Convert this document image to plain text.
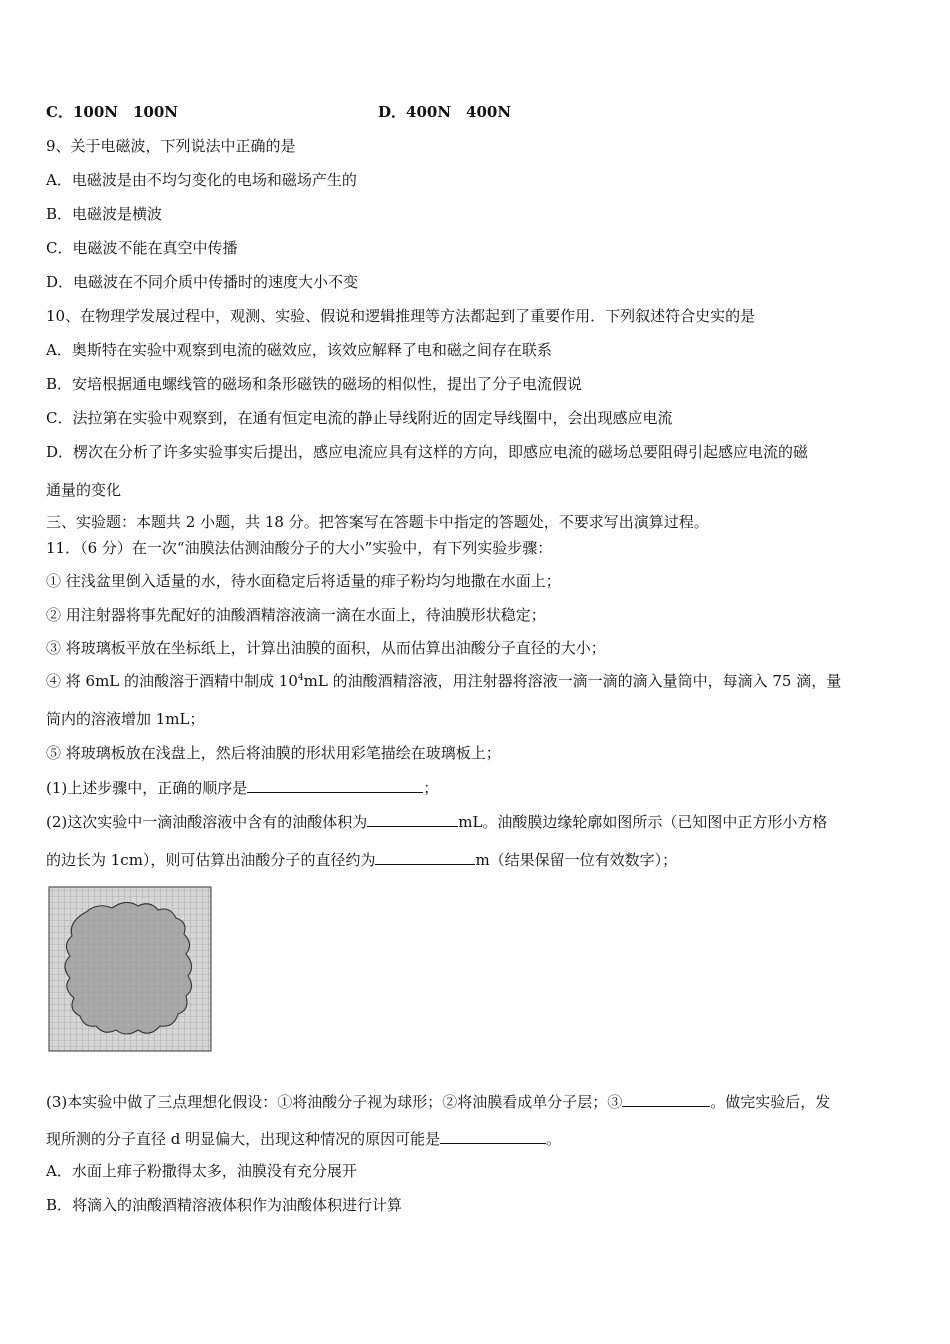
C．100N　100N	D．400N　400N
9、关于电磁波，下列说法中正确的是
A．电磁波是由不均匀变化的电场和磁场产生的
B．电磁波是横波
C．电磁波不能在真空中传播
D．电磁波在不同介质中传播时的速度大小不变
10、在物理学发展过程中，观测、实验、假说和逻辑推理等方法都起到了重要作用．下列叙述符合史实的是
A．奥斯特在实验中观察到电流的磁效应，该效应解释了电和磁之间存在联系
B．安培根据通电螺线管的磁场和条形磁铁的磁场的相似性，提出了分子电流假说
C．法拉第在实验中观察到，在通有恒定电流的静止导线附近的固定导线圈中，会出现感应电流
D．楞次在分析了许多实验事实后提出，感应电流应具有这样的方向，即感应电流的磁场总要阻碍引起感应电流的磁
通量的变化
三、实验题：本题共 2 小题，共 18 分。把答案写在答题卡中指定的答题处，不要求写出演算过程。
11．（6 分）在一次“油膜法估测油酸分子的大小”实验中，有下列实验步骤：
① 往浅盆里倒入适量的水，待水面稳定后将适量的痱子粉均匀地撒在水面上；
② 用注射器将事先配好的油酸酒精溶液滴一滴在水面上，待油膜形状稳定；
③ 将玻璃板平放在坐标纸上，计算出油膜的面积，从而估算出油酸分子直径的大小；
④ 将 6mL 的油酸溶于酒精中制成 $10^4mL$ 的油酸酒精溶液，用注射器将溶液一滴一滴的滴入量筒中，每滴入 75 滴，量
筒内的溶液增加 1mL；
⑤ 将玻璃板放在浅盘上，然后将油膜的形状用彩笔描绘在玻璃板上；
(1)上述步骤中，正确的顺序是	；
(2)这次实验中一滴油酸溶液中含有的油酸体积为	mL。油酸膜边缘轮廓如图所示（已知图中正方形小方格
的边长为 1cm），则可估算出油酸分子的直径约为	m（结果保留一位有效数字）；
(3)本实验中做了三点理想化假设：①将油酸分子视为球形；②将油膜看成单分子层；③	。做完实验后，发
现所测的分子直径 d 明显偏大，出现这种情况的原因可能是	。
A．水面上痱子粉撒得太多，油膜没有充分展开
B．将滴入的油酸酒精溶液体积作为油酸体积进行计算
